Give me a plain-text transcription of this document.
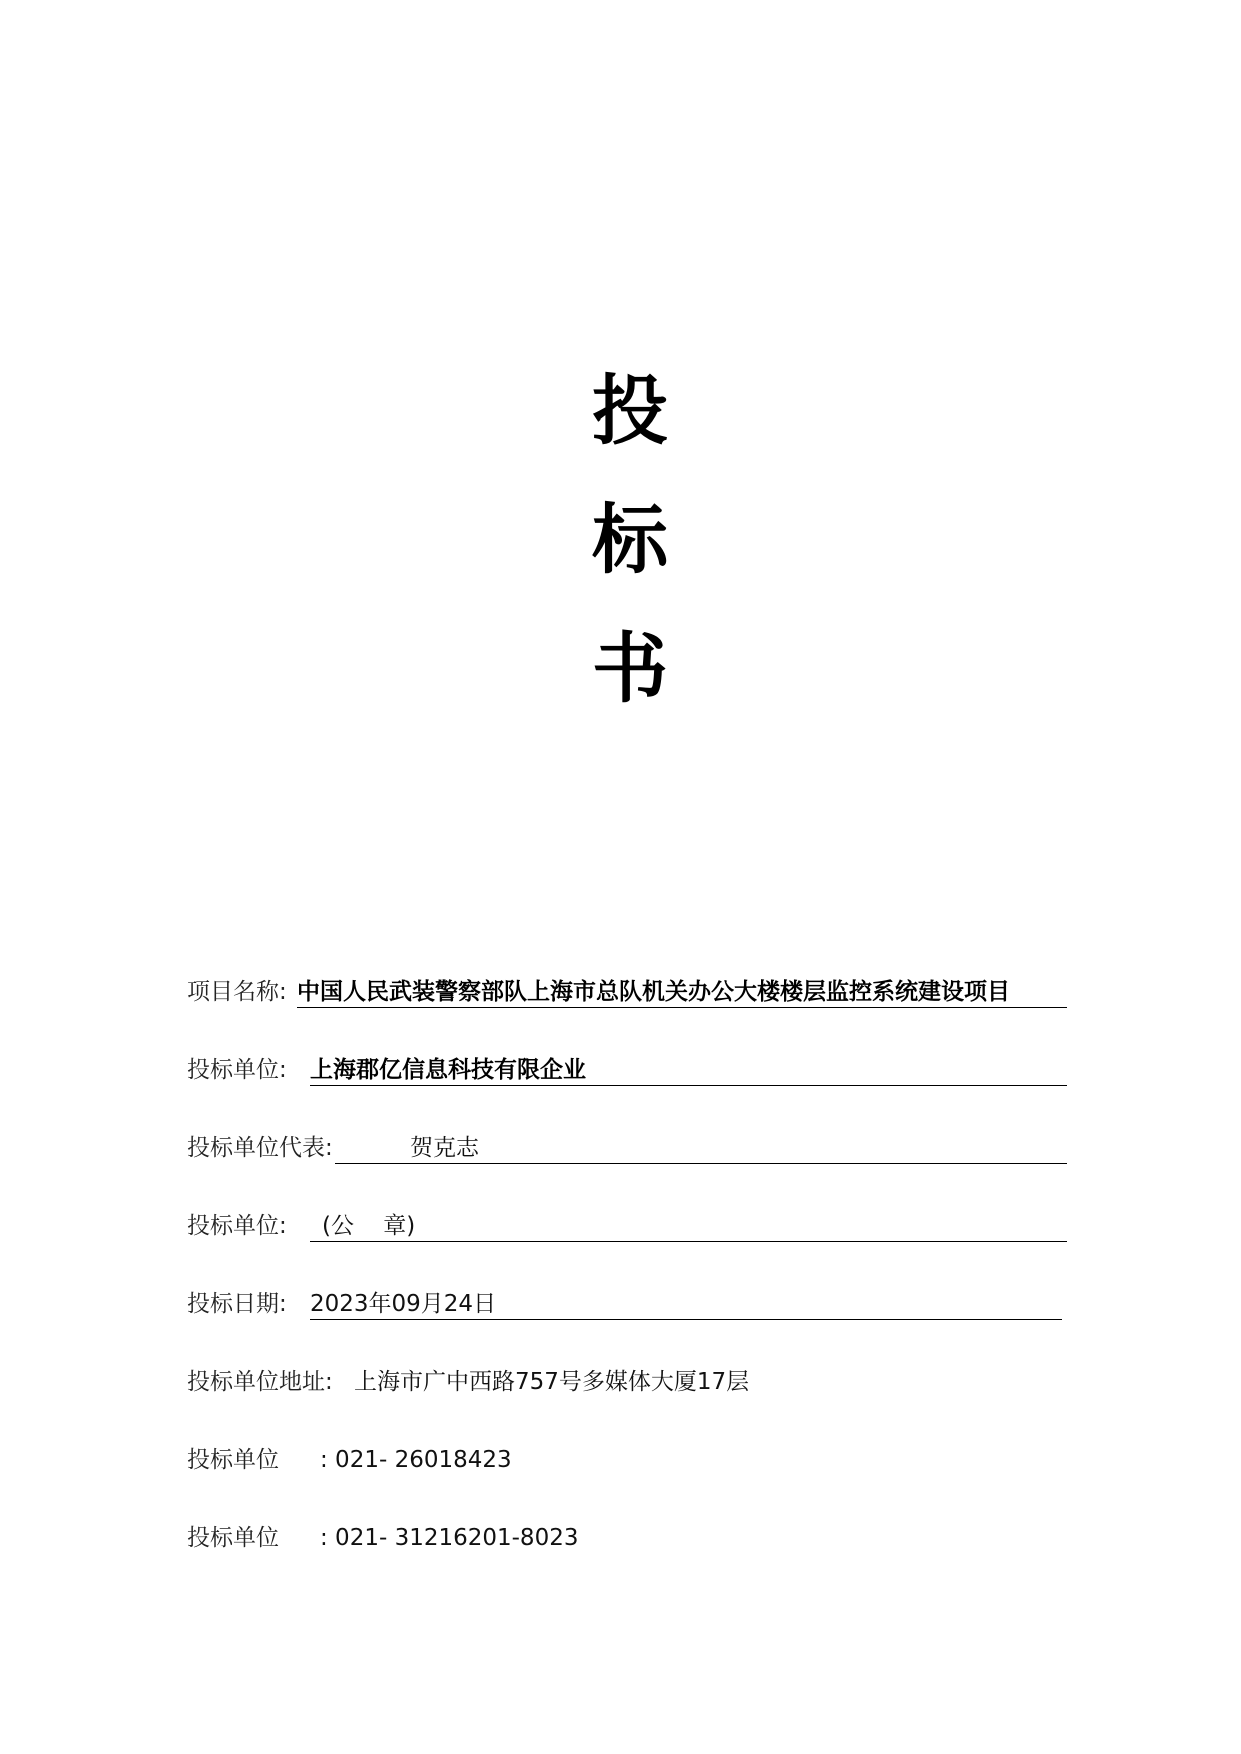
投
标
书
项目名称: 中国人民武装警察部队上海市总队机关办公大楼楼层监控系统建设项目
投标单位: 上海郡亿信息科技有限企业
投标单位代表:	贺克志
投标单位: (公    章)
投标日期: 2023年09月24日
投标单位地址: 上海市广中西路757号多媒体大厦17层
投标单位 : 021- 26018423
投标单位 : 021- 31216201-8023
